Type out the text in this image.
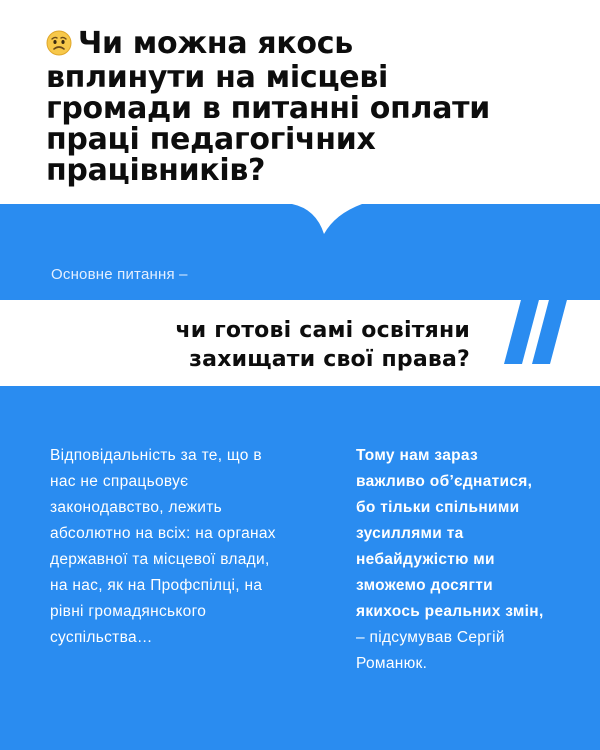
Чи можна якось
вплинути на місцеві
громади в питанні оплати
праці педагогічних
працівників?
Основне питання –
чи готові самі освітяни
захищати свої права?
Відповідальність за те, що в
нас не спрацьовує
законодавство, лежить
абсолютно на всіх: на органах
державної та місцевої влади,
на нас, як на Профспілці, на
рівні громадянського
суспільства…
Тому нам зараз
важливо об’єднатися,
бо тільки спільними
зусиллями та
небайдужістю ми
зможемо досягти
якихось реальних змін,
– підсумував Сергій
Романюк.
